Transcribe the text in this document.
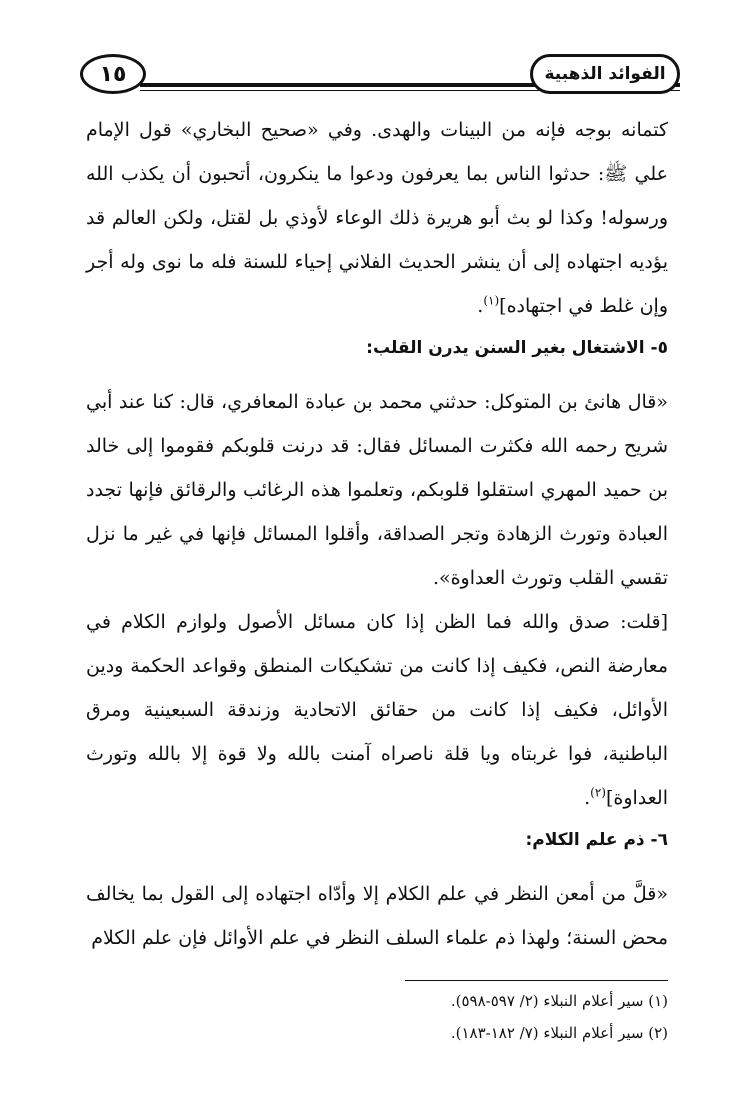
١٥	الفوائد الذهبية

كتمانه بوجه فإنه من البينات والهدى. وفي «صحيح البخاري» قول الإمام علي ﷺ: حدثوا الناس بما يعرفون ودعوا ما ينكرون، أتحبون أن يكذب الله ورسوله! وكذا لو بث أبو هريرة ذلك الوعاء لأوذي بل لقتل، ولكن العالم قد يؤديه اجتهاده إلى أن ينشر الحديث الفلاني إحياء للسنة فله ما نوى وله أجر وإن غلط في اجتهاده]$^{(١)}$.

٥- الاشتغال بغير السنن يدرن القلب:

«قال هانئ بن المتوكل: حدثني محمد بن عبادة المعافري، قال: كنا عند أبي شريح رحمه الله فكثرت المسائل فقال: قد درنت قلوبكم فقوموا إلى خالد بن حميد المهري استقلوا قلوبكم، وتعلموا هذه الرغائب والرقائق فإنها تجدد العبادة وتورث الزهادة وتجر الصداقة، وأقلوا المسائل فإنها في غير ما نزل تقسي القلب وتورث العداوة».

[قلت: صدق والله فما الظن إذا كان مسائل الأصول ولوازم الكلام في معارضة النص، فكيف إذا كانت من تشكيكات المنطق وقواعد الحكمة ودين الأوائل، فكيف إذا كانت من حقائق الاتحادية وزندقة السبعينية ومرق الباطنية، فوا غربتاه ويا قلة ناصراه آمنت بالله ولا قوة إلا بالله وتورث العداوة]$^{(٢)}$.

٦- ذم علم الكلام:

«قلَّ من أمعن النظر في علم الكلام إلا وأدّاه اجتهاده إلى القول بما يخالف محض السنة؛ ولهذا ذم علماء السلف النظر في علم الأوائل فإن علم الكلام

(١) سير أعلام النبلاء (٢/ ٥٩٧-٥٩٨).

(٢) سير أعلام النبلاء (٧/ ١٨٢-١٨٣).
